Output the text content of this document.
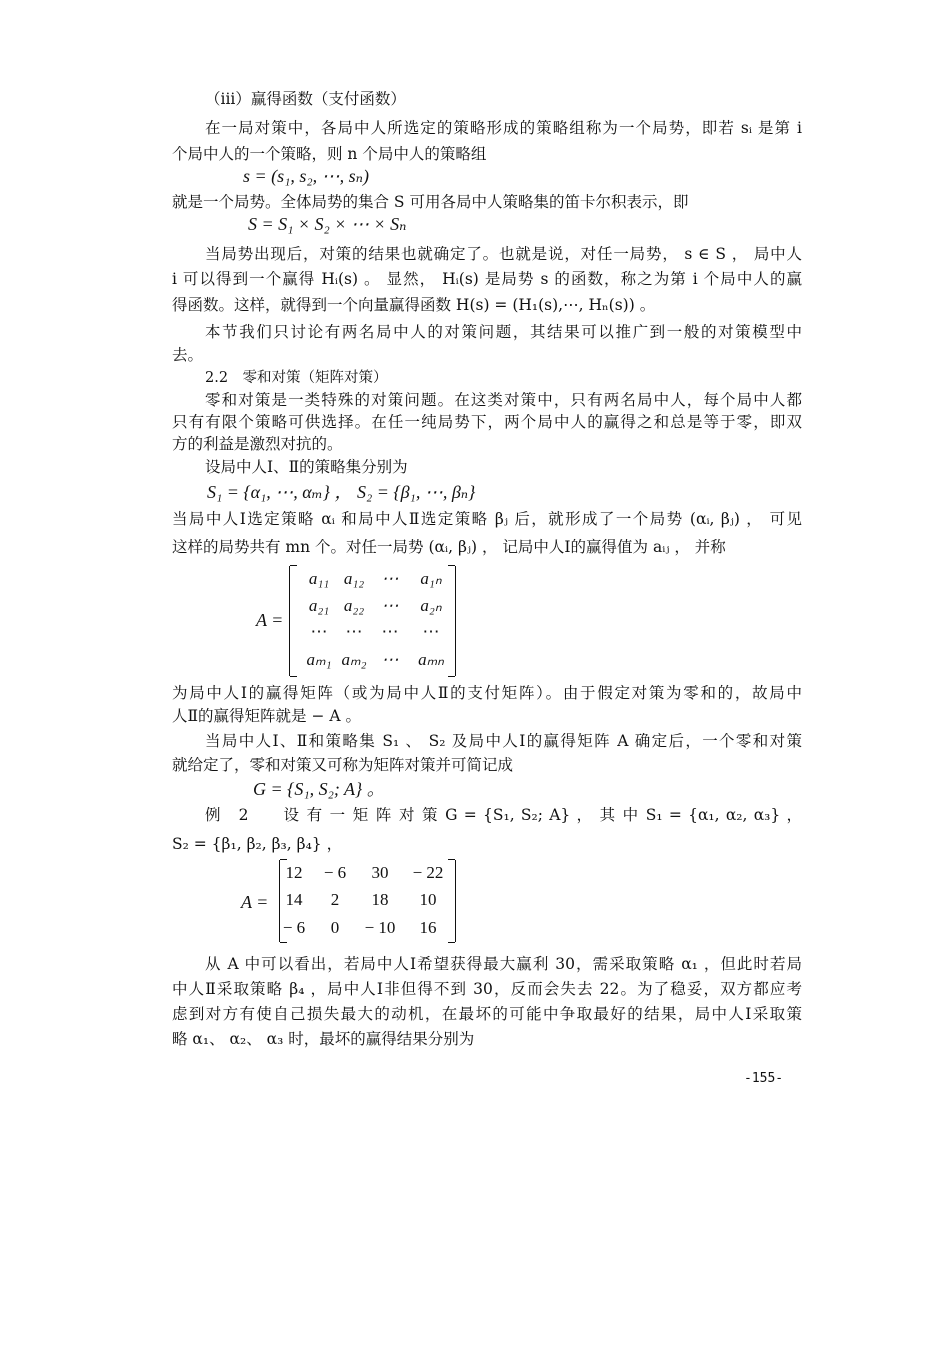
（iii）赢得函数（支付函数）
在一局对策中，各局中人所选定的策略形成的策略组称为一个局势，即若 sᵢ 是第 i
个局中人的一个策略，则 n 个局中人的策略组
s = (s₁, s₂, ⋯, sₙ)
就是一个局势。全体局势的集合 S 可用各局中人策略集的笛卡尔积表示，即
S = S₁ × S₂ × ⋯ × Sₙ
当局势出现后，对策的结果也就确定了。也就是说，对任一局势， s ∈ S ， 局中人
i 可以得到一个赢得 Hᵢ(s) 。 显然， Hᵢ(s) 是局势 s 的函数，称之为第 i 个局中人的赢
得函数。这样，就得到一个向量赢得函数 H(s) = (H₁(s),⋯, Hₙ(s)) 。
本节我们只讨论有两名局中人的对策问题，其结果可以推广到一般的对策模型中
去。
2.2　零和对策（矩阵对策）
零和对策是一类特殊的对策问题。在这类对策中，只有两名局中人，每个局中人都
只有有限个策略可供选择。在任一纯局势下，两个局中人的赢得之和总是等于零，即双
方的利益是激烈对抗的。
设局中人Ⅰ、Ⅱ的策略集分别为
S₁ = {α₁, ⋯, αₘ} ， S₂ = {β₁, ⋯, βₙ}
当局中人Ⅰ选定策略 αᵢ 和局中人Ⅱ选定策略 βⱼ 后，就形成了一个局势 (αᵢ, βⱼ) ， 可见
这样的局势共有 mn 个。对任一局势 (αᵢ, βⱼ) ， 记局中人Ⅰ的赢得值为 aᵢⱼ ， 并称
A =
a₁₁ a₁₂	⋯	a₁ₙ
a₂₁ a₂₂	⋯	a₂ₙ
⋯	⋯	⋯	⋯
aₘ₁ aₘ₂ ⋯	aₘₙ
为局中人Ⅰ的赢得矩阵（或为局中人Ⅱ的支付矩阵）。由于假定对策为零和的，故局中
人Ⅱ的赢得矩阵就是 − A 。
当局中人Ⅰ、Ⅱ和策略集 S₁ 、 S₂ 及局中人Ⅰ的赢得矩阵 A 确定后，一个零和对策
就给定了，零和对策又可称为矩阵对策并可简记成
G = {S₁, S₂; A} 。
例　2　　设 有 一 矩 阵 对 策 G = {S₁, S₂; A} ， 其 中 S₁ = {α₁, α₂, α₃} ，
S₂ = {β₁, β₂, β₃, β₄} ，
A =
12	− 6	30	− 22
14	2	18	10
− 6	0	− 10	16
从 A 中可以看出，若局中人Ⅰ希望获得最大赢利 30，需采取策略 α₁ ，但此时若局
中人Ⅱ采取策略 β₄ ，局中人Ⅰ非但得不到 30，反而会失去 22。为了稳妥，双方都应考
虑到对方有使自己损失最大的动机，在最坏的可能中争取最好的结果，局中人Ⅰ采取策
略 α₁、 α₂、 α₃ 时，最坏的赢得结果分别为
-155-
